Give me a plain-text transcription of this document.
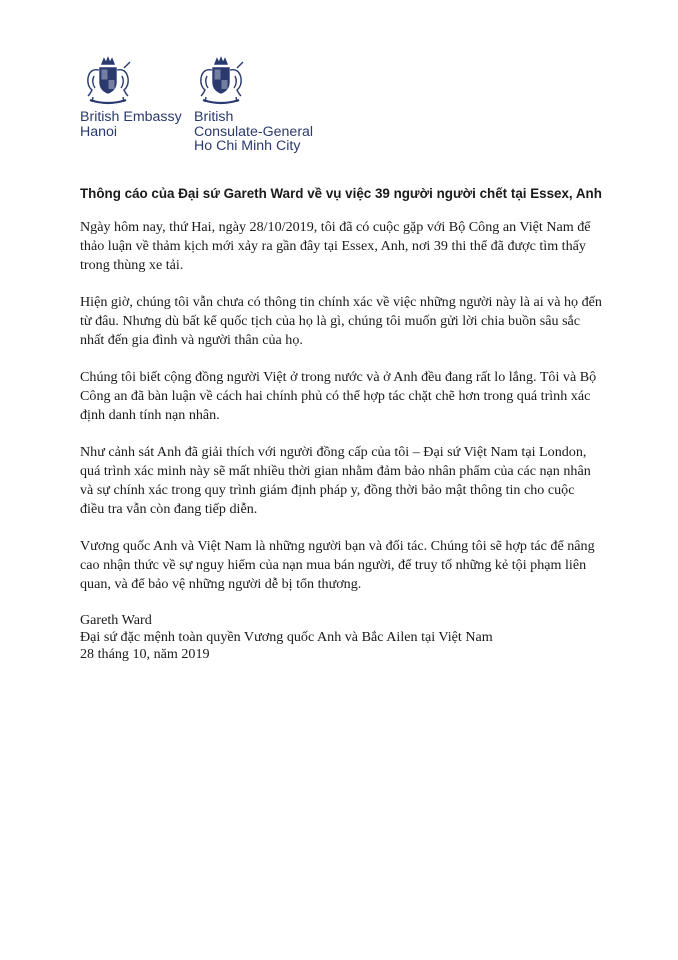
British Embassy
Hanoi
British
Consulate-General
Ho Chi Minh City
Thông cáo của Đại sứ Gareth Ward về vụ việc 39 người người chết tại Essex, Anh
Ngày hôm nay, thứ Hai, ngày 28/10/2019, tôi đã có cuộc gặp với Bộ Công an Việt Nam để
thảo luận về thảm kịch mới xảy ra gần đây tại Essex, Anh, nơi 39 thi thể đã được tìm thấy
trong thùng xe tải.
Hiện giờ, chúng tôi vẫn chưa có thông tin chính xác về việc những người này là ai và họ đến
từ đâu. Nhưng dù bất kể quốc tịch của họ là gì, chúng tôi muốn gửi lời chia buồn sâu sắc
nhất đến gia đình và người thân của họ.
Chúng tôi biết cộng đồng người Việt ở trong nước và ở Anh đều đang rất lo lắng. Tôi và Bộ
Công an đã bàn luận về cách hai chính phủ có thể hợp tác chặt chẽ hơn trong quá trình xác
định danh tính nạn nhân.
Như cảnh sát Anh đã giải thích với người đồng cấp của tôi – Đại sứ Việt Nam tại London,
quá trình xác minh này sẽ mất nhiều thời gian nhằm đảm bảo nhân phẩm của các nạn nhân
và sự chính xác trong quy trình giám định pháp y, đồng thời bảo mật thông tin cho cuộc
điều tra vẫn còn đang tiếp diễn.
Vương quốc Anh và Việt Nam là những người bạn và đối tác. Chúng tôi sẽ hợp tác để nâng
cao nhận thức về sự nguy hiểm của nạn mua bán người, để truy tố những kẻ tội phạm liên
quan, và để bảo vệ những người dễ bị tổn thương.
Gareth Ward
Đại sứ đặc mệnh toàn quyền Vương quốc Anh và Bắc Ailen tại Việt Nam
28 tháng 10, năm 2019
